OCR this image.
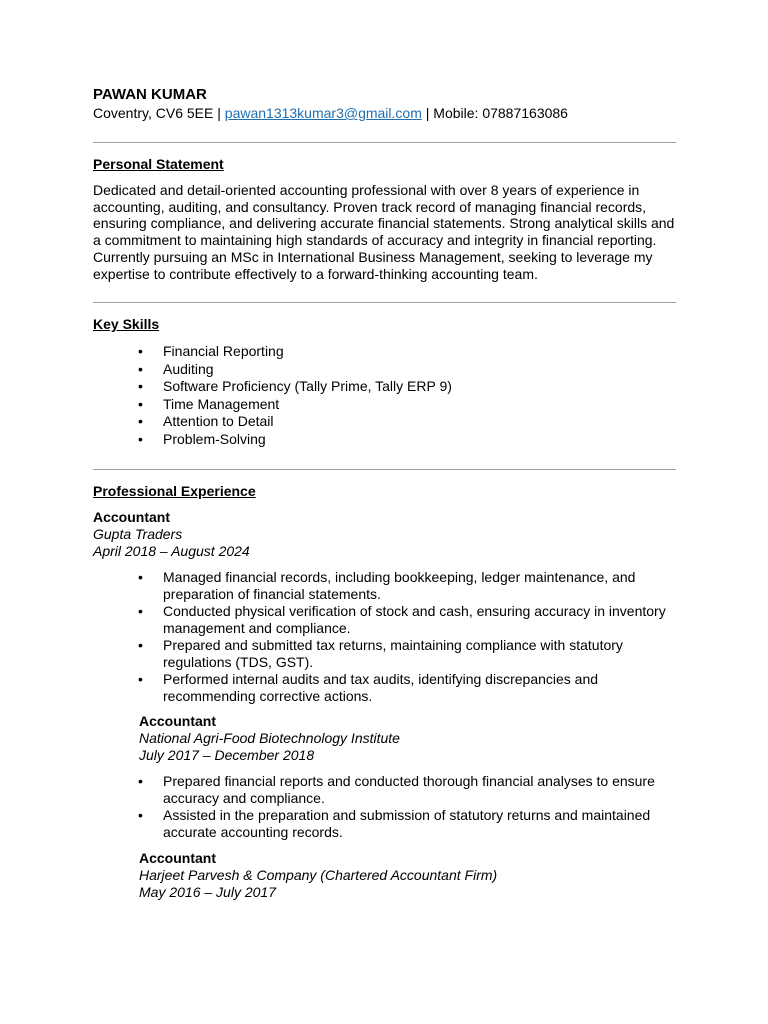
PAWAN KUMAR

Coventry, CV6 5EE | pawan1313kumar3@gmail.com | Mobile: 07887163086

Personal Statement

Dedicated and detail-oriented accounting professional with over 8 years of experience in accounting, auditing, and consultancy. Proven track record of managing financial records, ensuring compliance, and delivering accurate financial statements. Strong analytical skills and a commitment to maintaining high standards of accuracy and integrity in financial reporting. Currently pursuing an MSc in International Business Management, seeking to leverage my expertise to contribute effectively to a forward-thinking accounting team.

Key Skills

• Financial Reporting
• Auditing
• Software Proficiency (Tally Prime, Tally ERP 9)
• Time Management
• Attention to Detail
• Problem-Solving

Professional Experience

Accountant

Gupta Traders

April 2018 – August 2024

• Managed financial records, including bookkeeping, ledger maintenance, and preparation of financial statements.
• Conducted physical verification of stock and cash, ensuring accuracy in inventory management and compliance.
• Prepared and submitted tax returns, maintaining compliance with statutory regulations (TDS, GST).
• Performed internal audits and tax audits, identifying discrepancies and recommending corrective actions.

Accountant

National Agri-Food Biotechnology Institute

July 2017 – December 2018

• Prepared financial reports and conducted thorough financial analyses to ensure accuracy and compliance.
• Assisted in the preparation and submission of statutory returns and maintained accurate accounting records.

Accountant

Harjeet Parvesh & Company (Chartered Accountant Firm)

May 2016 – July 2017
